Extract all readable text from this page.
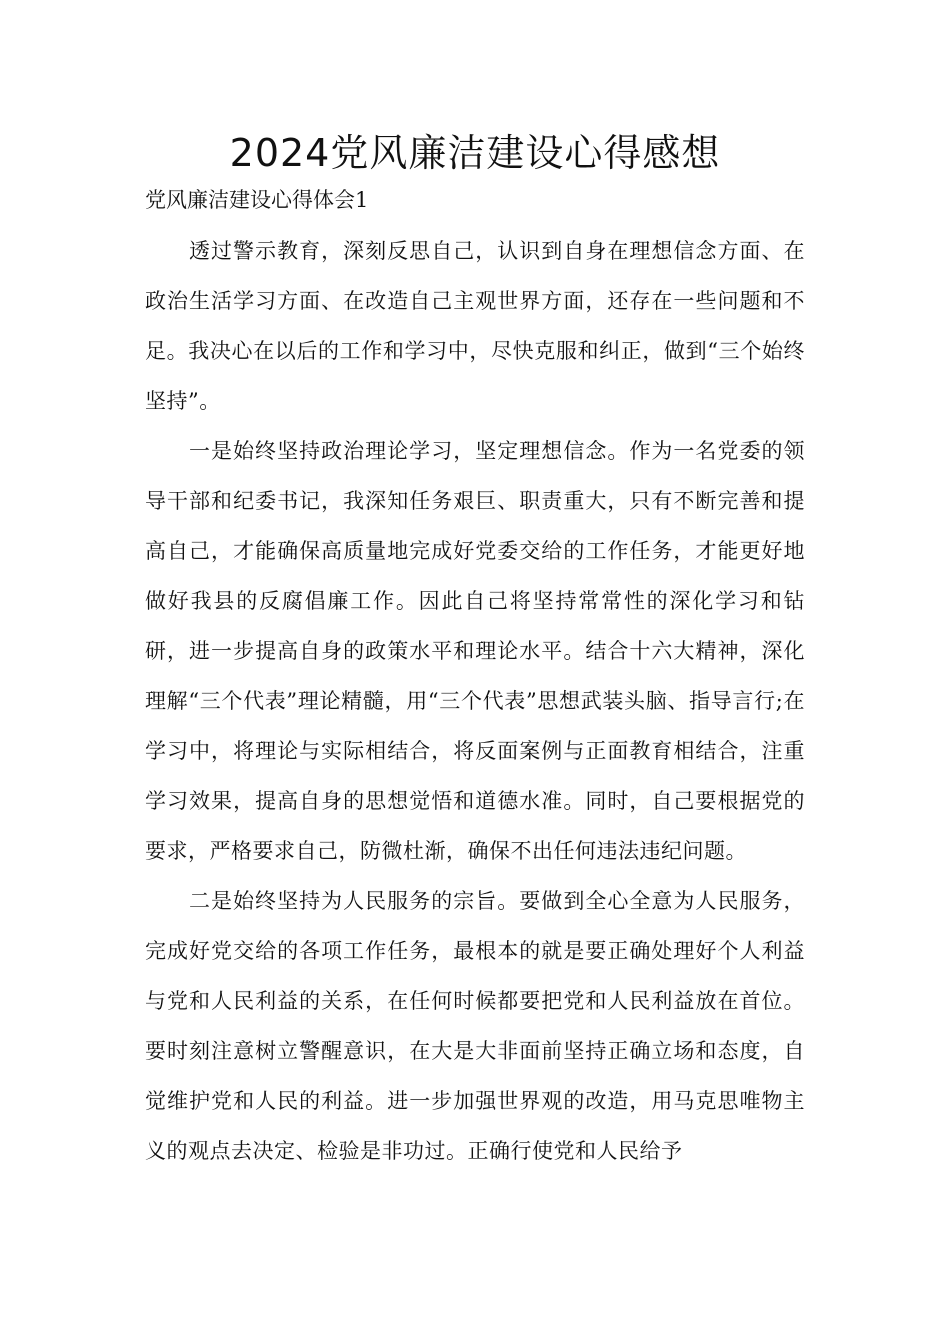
2024党风廉洁建设心得感想

党风廉洁建设心得体会1

透过警示教育，深刻反思自己，认识到自身在理想信念方面、在政治生活学习方面、在改造自己主观世界方面，还存在一些问题和不足。我决心在以后的工作和学习中，尽快克服和纠正，做到“三个始终坚持”。

一是始终坚持政治理论学习，坚定理想信念。作为一名党委的领导干部和纪委书记，我深知任务艰巨、职责重大，只有不断完善和提高自己，才能确保高质量地完成好党委交给的工作任务，才能更好地做好我县的反腐倡廉工作。因此自己将坚持常常性的深化学习和钻研，进一步提高自身的政策水平和理论水平。结合十六大精神，深化理解“三个代表”理论精髓，用“三个代表”思想武装头脑、指导言行;在学习中，将理论与实际相结合，将反面案例与正面教育相结合，注重学习效果，提高自身的思想觉悟和道德水准。同时，自己要根据党的要求，严格要求自己，防微杜渐，确保不出任何违法违纪问题。

二是始终坚持为人民服务的宗旨。要做到全心全意为人民服务，完成好党交给的各项工作任务，最根本的就是要正确处理好个人利益与党和人民利益的关系，在任何时候都要把党和人民利益放在首位。要时刻注意树立警醒意识，在大是大非面前坚持正确立场和态度，自觉维护党和人民的利益。进一步加强世界观的改造，用马克思唯物主义的观点去决定、检验是非功过。正确行使党和人民给予
